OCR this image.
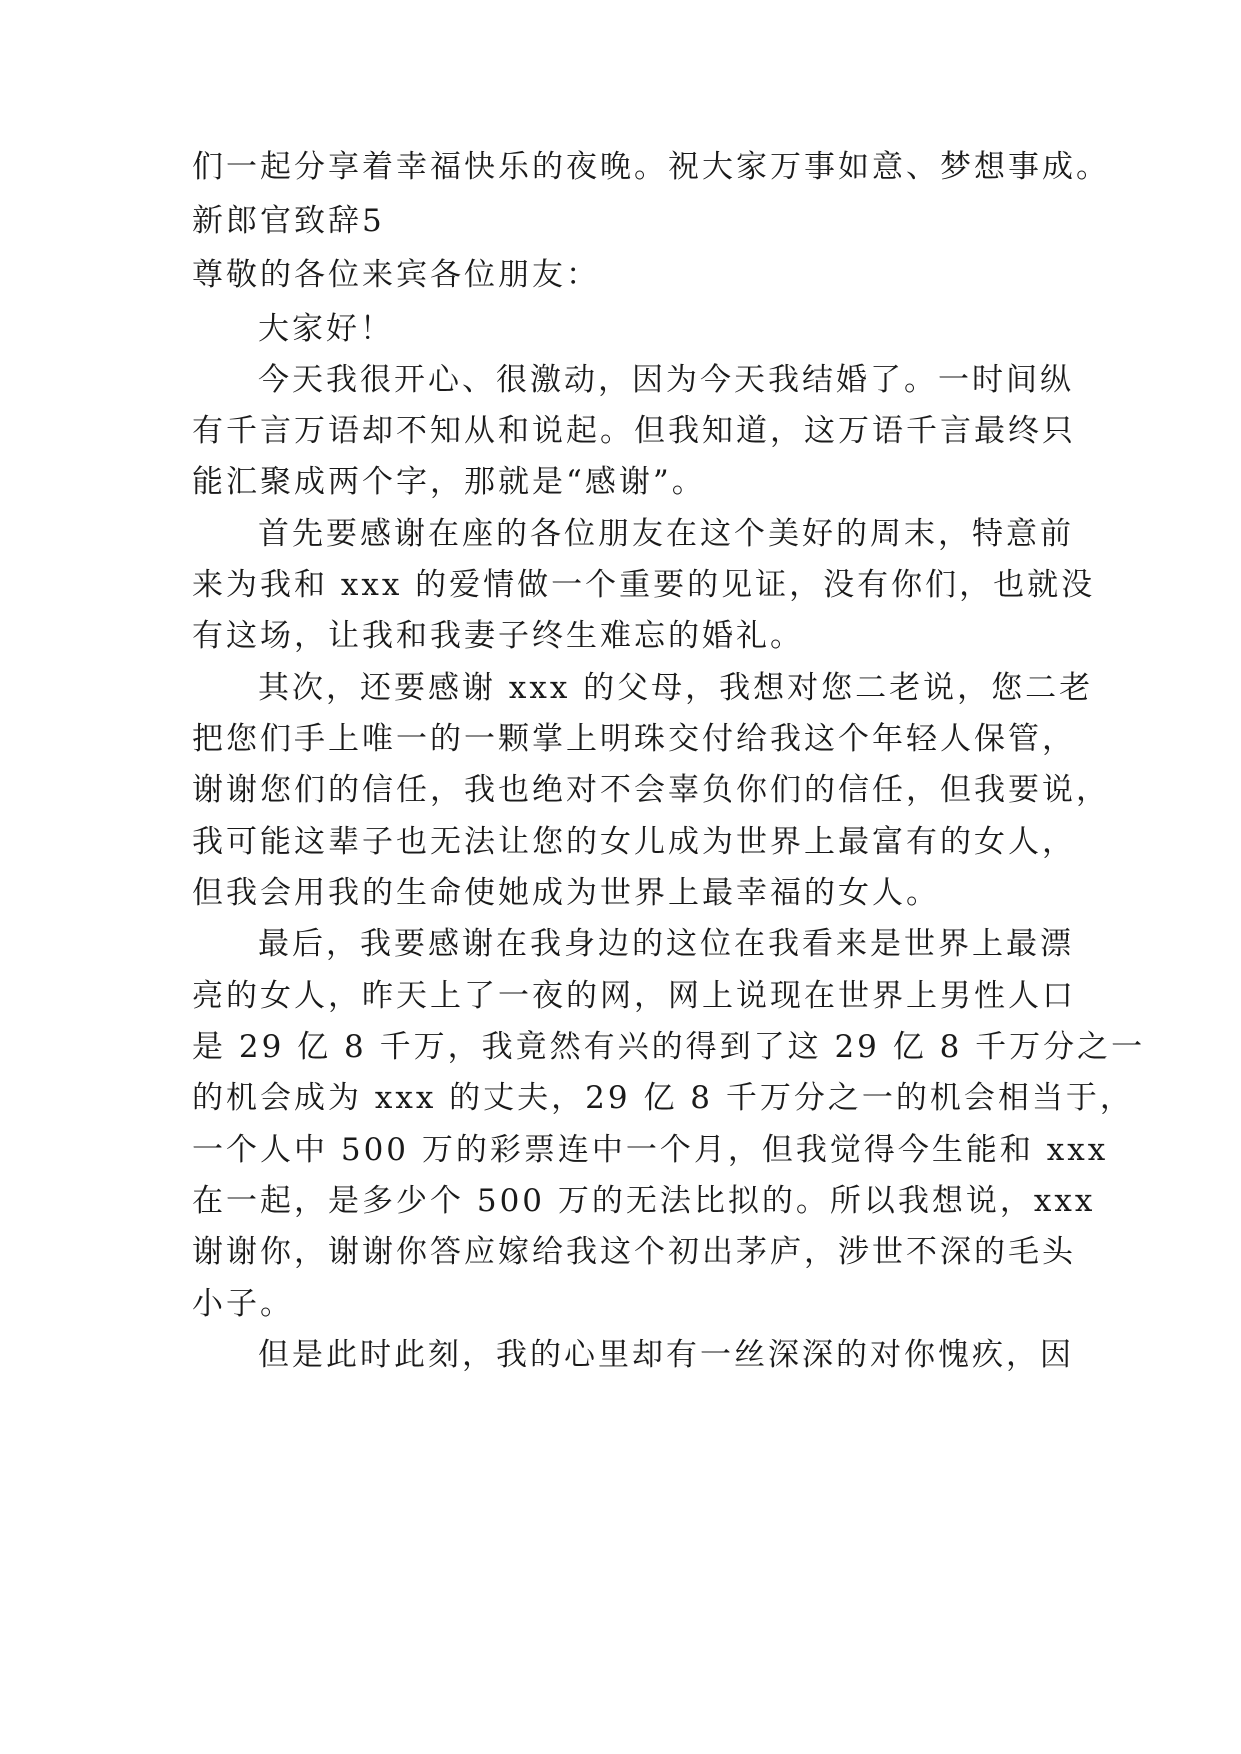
们一起分享着幸福快乐的夜晚。祝大家万事如意、梦想事成。
新郎官致辞5
尊敬的各位来宾各位朋友：
大家好！
今天我很开心、很激动，因为今天我结婚了。一时间纵
有千言万语却不知从和说起。但我知道，这万语千言最终只
能汇聚成两个字，那就是“感谢”。
首先要感谢在座的各位朋友在这个美好的周末，特意前
来为我和 xxx 的爱情做一个重要的见证，没有你们，也就没
有这场，让我和我妻子终生难忘的婚礼。
其次，还要感谢 xxx 的父母，我想对您二老说，您二老
把您们手上唯一的一颗掌上明珠交付给我这个年轻人保管，
谢谢您们的信任，我也绝对不会辜负你们的信任，但我要说，
我可能这辈子也无法让您的女儿成为世界上最富有的女人，
但我会用我的生命使她成为世界上最幸福的女人。
最后，我要感谢在我身边的这位在我看来是世界上最漂
亮的女人，昨天上了一夜的网，网上说现在世界上男性人口
是 29 亿 8 千万，我竟然有兴的得到了这 29 亿 8 千万分之一
的机会成为 xxx 的丈夫，29 亿 8 千万分之一的机会相当于，
一个人中 500 万的彩票连中一个月，但我觉得今生能和 xxx
在一起，是多少个 500 万的无法比拟的。所以我想说，xxx
谢谢你，谢谢你答应嫁给我这个初出茅庐，涉世不深的毛头
小子。
但是此时此刻，我的心里却有一丝深深的对你愧疚，因
